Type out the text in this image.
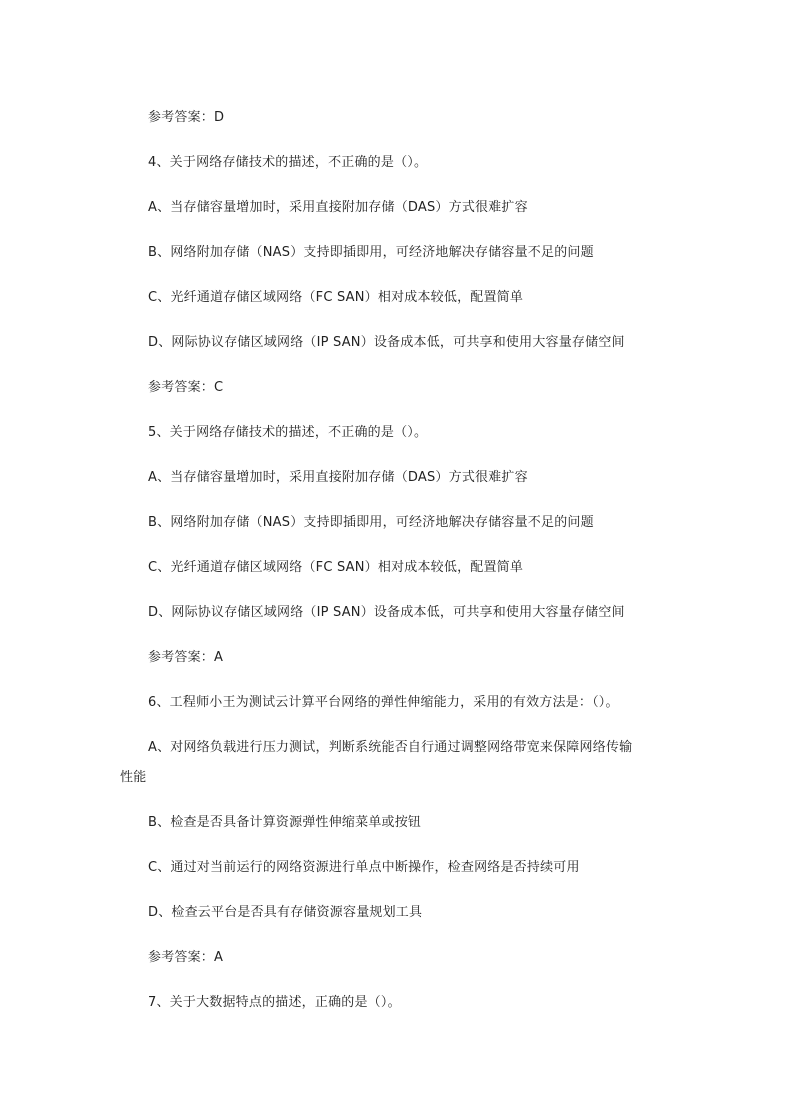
参考答案：D
4、关于网络存储技术的描述，不正确的是（）。
A、当存储容量增加时，采用直接附加存储（DAS）方式很难扩容
B、网络附加存储（NAS）支持即插即用，可经济地解决存储容量不足的问题
C、光纤通道存储区域网络（FC SAN）相对成本较低，配置简单
D、网际协议存储区域网络（IP SAN）设备成本低，可共享和使用大容量存储空间
参考答案：C
5、关于网络存储技术的描述，不正确的是（）。
A、当存储容量增加时，采用直接附加存储（DAS）方式很难扩容
B、网络附加存储（NAS）支持即插即用，可经济地解决存储容量不足的问题
C、光纤通道存储区域网络（FC SAN）相对成本较低，配置简单
D、网际协议存储区域网络（IP SAN）设备成本低，可共享和使用大容量存储空间
参考答案：A
6、工程师小王为测试云计算平台网络的弹性伸缩能力，采用的有效方法是：（）。
A、对网络负载进行压力测试，判断系统能否自行通过调整网络带宽来保障网络传输
性能
B、检查是否具备计算资源弹性伸缩菜单或按钮
C、通过对当前运行的网络资源进行单点中断操作，检查网络是否持续可用
D、检查云平台是否具有存储资源容量规划工具
参考答案：A
7、关于大数据特点的描述，正确的是（）。
